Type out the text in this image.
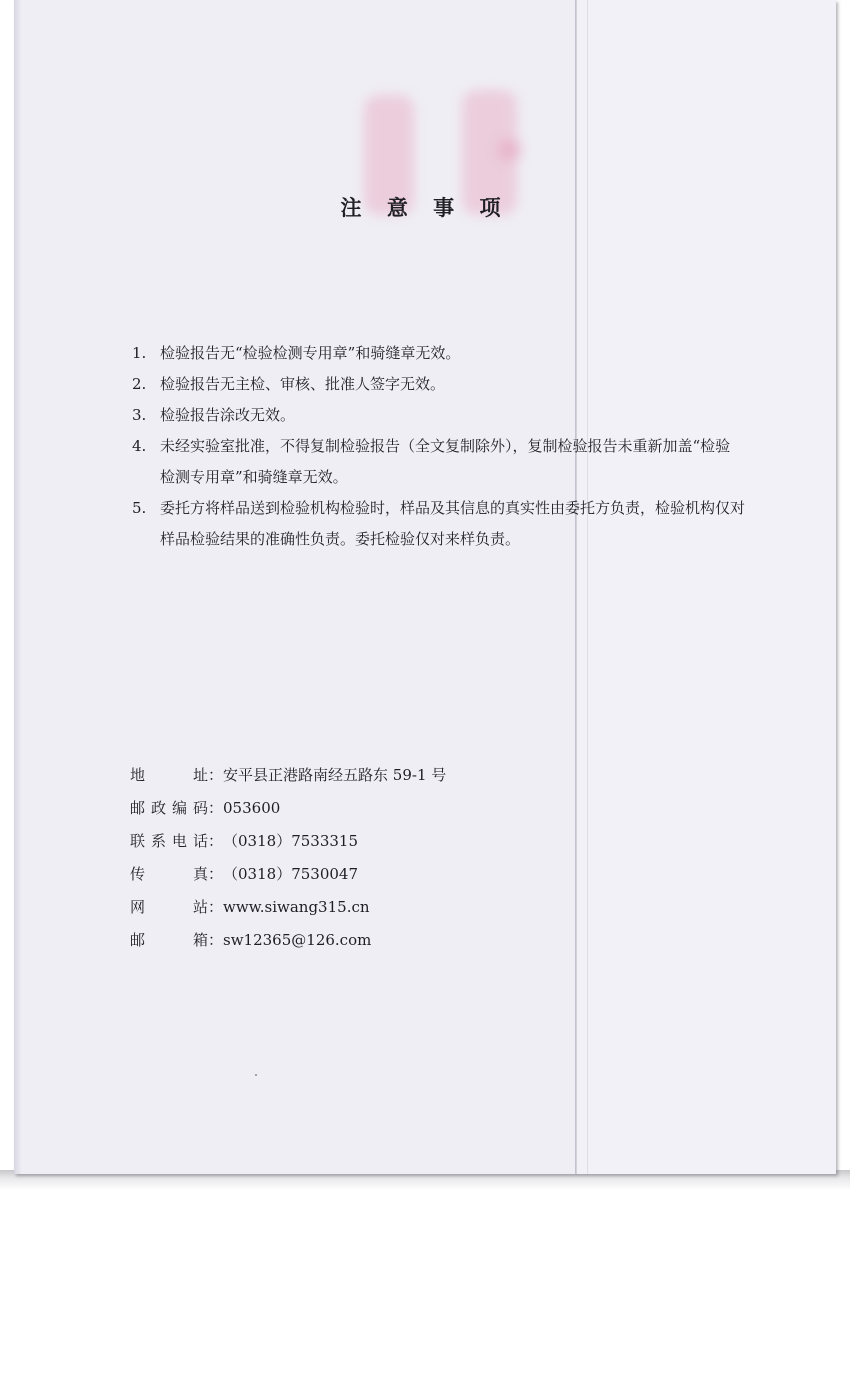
注 意 事 项
1. 检验报告无“检验检测专用章”和骑缝章无效。
2. 检验报告无主检、审核、批准人签字无效。
3. 检验报告涂改无效。
4. 未经实验室批准，不得复制检验报告（全文复制除外），复制检验报告未重新加盖“检验检测专用章”和骑缝章无效。
5. 委托方将样品送到检验机构检验时，样品及其信息的真实性由委托方负责，检验机构仅对样品检验结果的准确性负责。委托检验仅对来样负责。
地　　址：安平县正港路南经五路东 59-1 号
邮政编码：053600
联系电话：（0318）7533315
传　　真：（0318）7530047
网　　站：www.siwang315.cn
邮　　箱：sw12365@126.com
